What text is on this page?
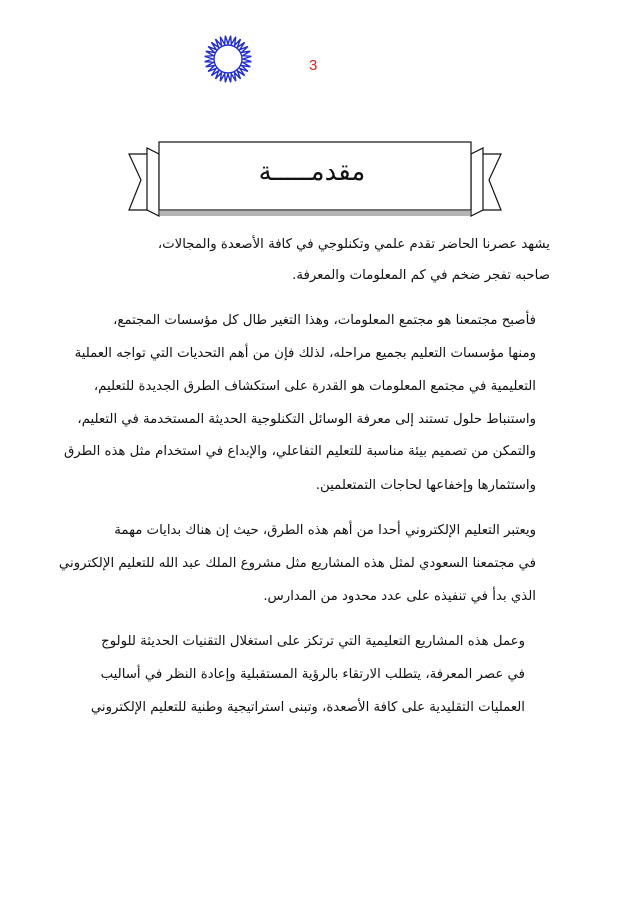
3
مقدمـــــة
يشهد عصرنا الحاضر تقدم علمي وتكنلوجي في كافة الأصعدة والمجالات،
صاحبه تفجر ضخم في كم المعلومات والمعرفة.
فأصبح مجتمعنا هو مجتمع المعلومات، وهذا التغير طال كل مؤسسات المجتمع،
ومنها مؤسسات التعليم بجميع مراحله، لذلك فإن من أهم التحديات التي تواجه العملية
التعليمية في مجتمع المعلومات هو القدرة على استكشاف الطرق الجديدة للتعليم،
واستنباط حلول تستند إلى معرفة الوسائل التكنلوجية الحديثة المستخدمة في التعليم،
والتمكن من تصميم بيئة مناسبة للتعليم التفاعلي، والإبداع في استخدام مثل هذه الطرق
واستثمارها وإخفاعها لحاجات التمتعلمين.
ويعتبر التعليم الإلكتروني أحدا من أهم هذه الطرق، حيث إن هناك بدايات مهمة
في مجتمعنا السعودي لمثل هذه المشاريع مثل مشروع الملك عبد الله للتعليم الإلكتروني
الذي بدأ في تنفيذه على عدد محدود من المدارس.
وعمل هذه المشاريع التعليمية التي ترتكز على استغلال التقنيات الحديثة للولوج
في عصر المعرفة، يتطلب الارتقاء بالرؤية المستقبلية وإعادة النظر في أساليب
العمليات التقليدية على كافة الأصعدة، وتبنى استراتيجية وطنية للتعليم الإلكتروني
